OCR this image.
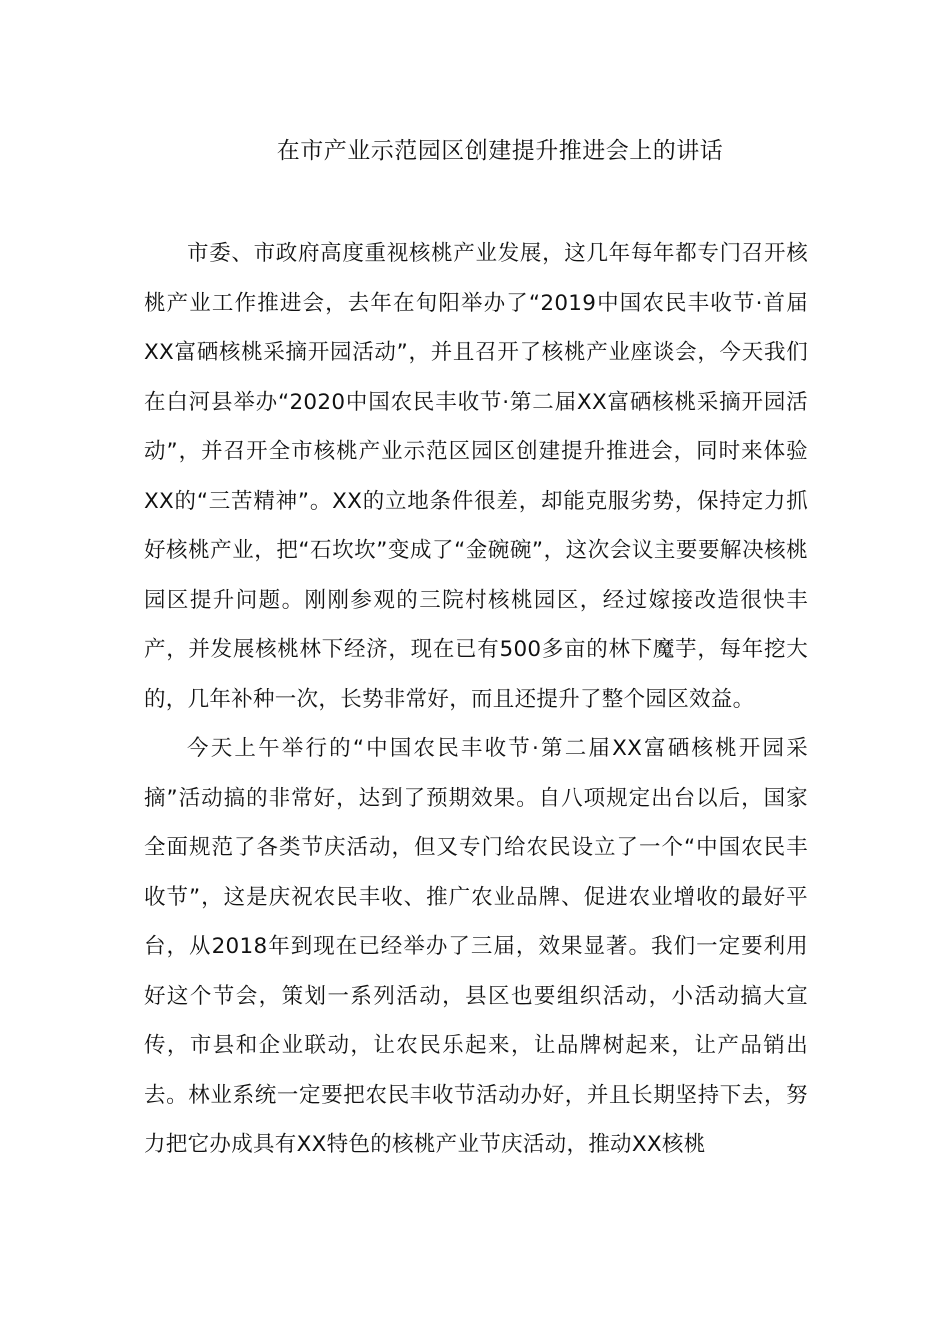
在市产业示范园区创建提升推进会上的讲话

市委、市政府高度重视核桃产业发展，这几年每年都专门召开核桃产业工作推进会，去年在旬阳举办了“2019中国农民丰收节·首届XX富硒核桃采摘开园活动”，并且召开了核桃产业座谈会，今天我们在白河县举办“2020中国农民丰收节·第二届XX富硒核桃采摘开园活动”，并召开全市核桃产业示范区园区创建提升推进会，同时来体验XX的“三苦精神”。XX的立地条件很差，却能克服劣势，保持定力抓好核桃产业，把“石坎坎”变成了“金碗碗”，这次会议主要要解决核桃园区提升问题。刚刚参观的三院村核桃园区，经过嫁接改造很快丰产，并发展核桃林下经济，现在已有500多亩的林下魔芋，每年挖大的，几年补种一次，长势非常好，而且还提升了整个园区效益。

今天上午举行的“中国农民丰收节·第二届XX富硒核桃开园采摘”活动搞的非常好，达到了预期效果。自八项规定出台以后，国家全面规范了各类节庆活动，但又专门给农民设立了一个“中国农民丰收节”，这是庆祝农民丰收、推广农业品牌、促进农业增收的最好平台，从2018年到现在已经举办了三届，效果显著。我们一定要利用好这个节会，策划一系列活动，县区也要组织活动，小活动搞大宣传，市县和企业联动，让农民乐起来，让品牌树起来，让产品销出去。林业系统一定要把农民丰收节活动办好，并且长期坚持下去，努力把它办成具有XX特色的核桃产业节庆活动，推动XX核桃
